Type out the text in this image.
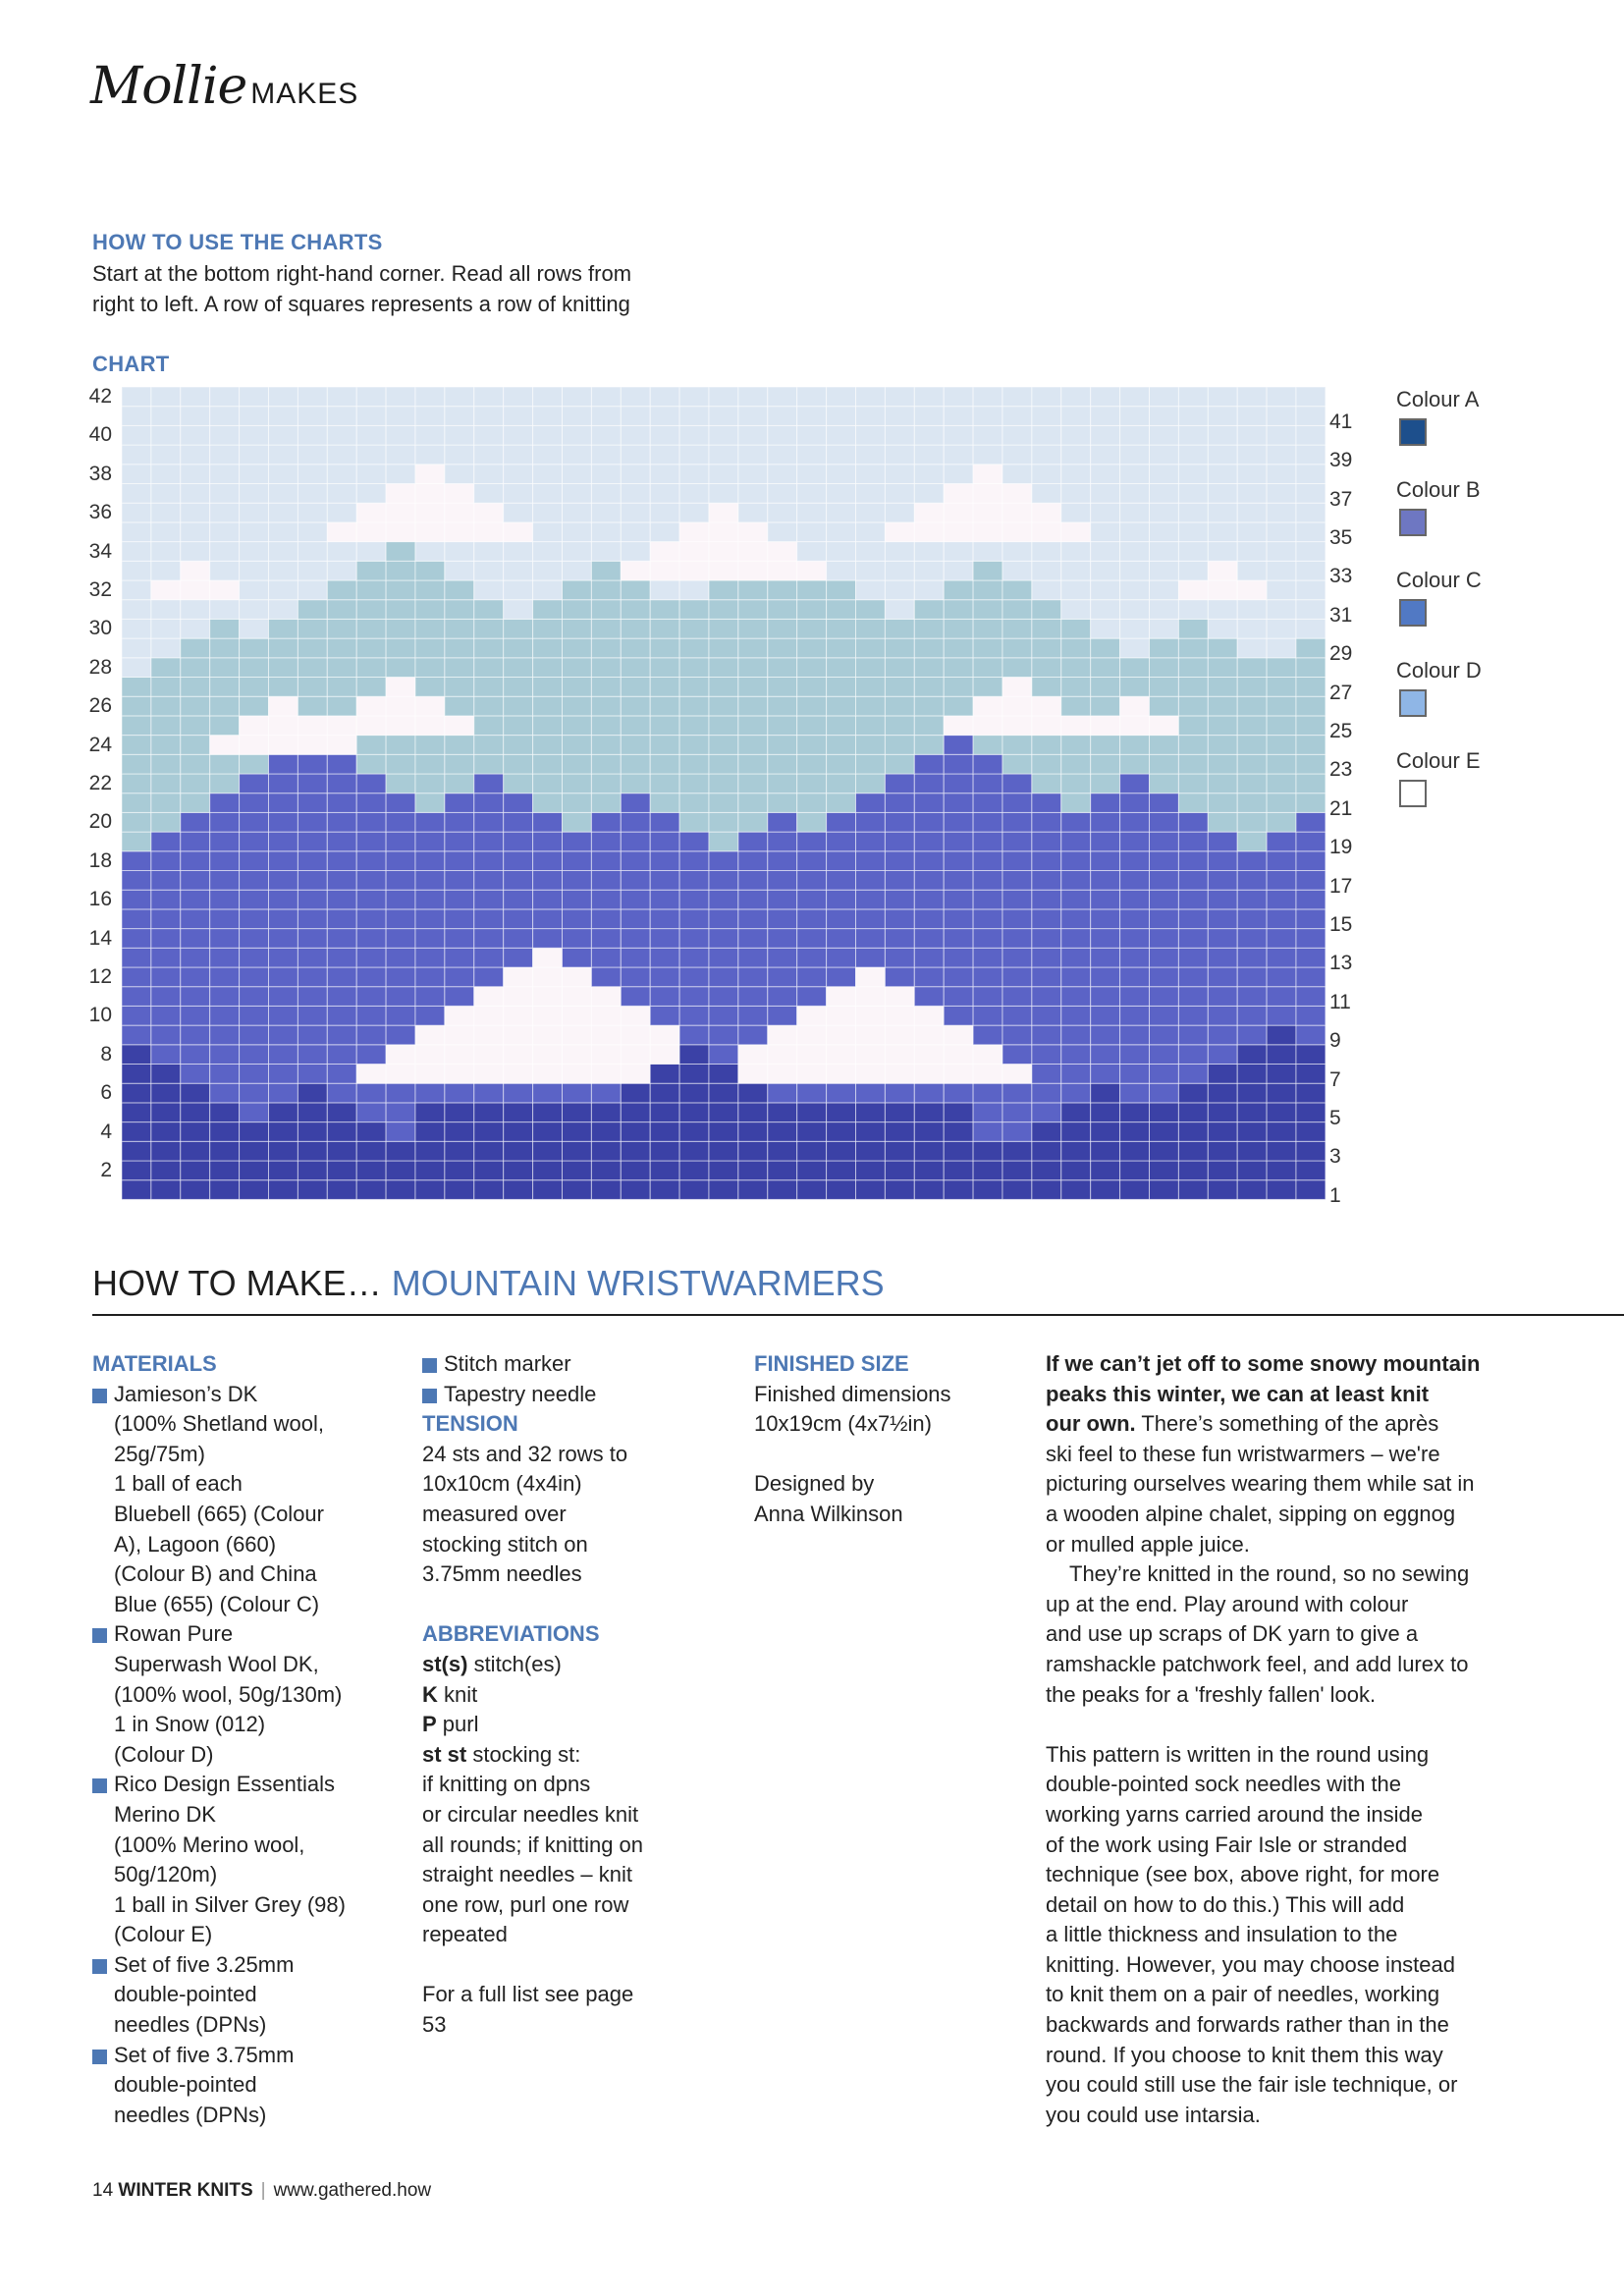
Mollie MAKES
HOW TO USE THE CHARTS
Start at the bottom right-hand corner. Read all rows from
right to left. A row of squares represents a row of knitting
CHART
42
40
38
36
34
32
30
28
26
24
22
20
18
16
14
12
10
8
6
4
2
41
39
37
35
33
31
29
27
25
23
21
19
17
15
13
11
9
7
5
3
1
Colour A
Colour B
Colour C
Colour D
Colour E
HOW TO MAKE… MOUNTAIN WRISTWARMERS

MATERIALS

Jamieson’s DK
(100% Shetland wool,
25g/75m)
1 ball of each
Bluebell (665) (Colour
A), Lagoon (660)
(Colour B) and China
Blue (655) (Colour C)
Rowan Pure
Superwash Wool DK,
(100% wool, 50g/130m)
1 in Snow (012)
(Colour D)
Rico Design Essentials
Merino DK
(100% Merino wool,
50g/120m)
1 ball in Silver Grey (98)
(Colour E)
Set of five 3.25mm
double-pointed
needles (DPNs)
Set of five 3.75mm
double-pointed
needles (DPNs)
Stitch marker
Tapestry needle

TENSION

24 sts and 32 rows to

10x10cm (4x4in)

measured over

stocking stitch on

3.75mm needles

ABBREVIATIONS

st(s) stitch(es)

K knit

P purl

st st stocking st:

if knitting on dpns

or circular needles knit

all rounds; if knitting on

straight needles – knit

one row, purl one row

repeated

For a full list see page

53

FINISHED SIZE

Finished dimensions

10x19cm (4x7½in)

Designed by

Anna Wilkinson

If we can’t jet off to some snowy mountain

peaks this winter, we can at least knit

our own. There’s something of the après

ski feel to these fun wristwarmers – we're

picturing ourselves wearing them while sat in

a wooden alpine chalet, sipping on eggnog

or mulled apple juice.

They’re knitted in the round, so no sewing

up at the end. Play around with colour

and use up scraps of DK yarn to give a

ramshackle patchwork feel, and add lurex to

the peaks for a 'freshly fallen' look.

This pattern is written in the round using

double-pointed sock needles with the

working yarns carried around the inside

of the work using Fair Isle or stranded

technique (see box, above right, for more

detail on how to do this.) This will add

a little thickness and insulation to the

knitting. However, you may choose instead

to knit them on a pair of needles, working

backwards and forwards rather than in the

round. If you choose to knit them this way

you could still use the fair isle technique, or

you could use intarsia.

14 WINTER KNITS | www.gathered.how
